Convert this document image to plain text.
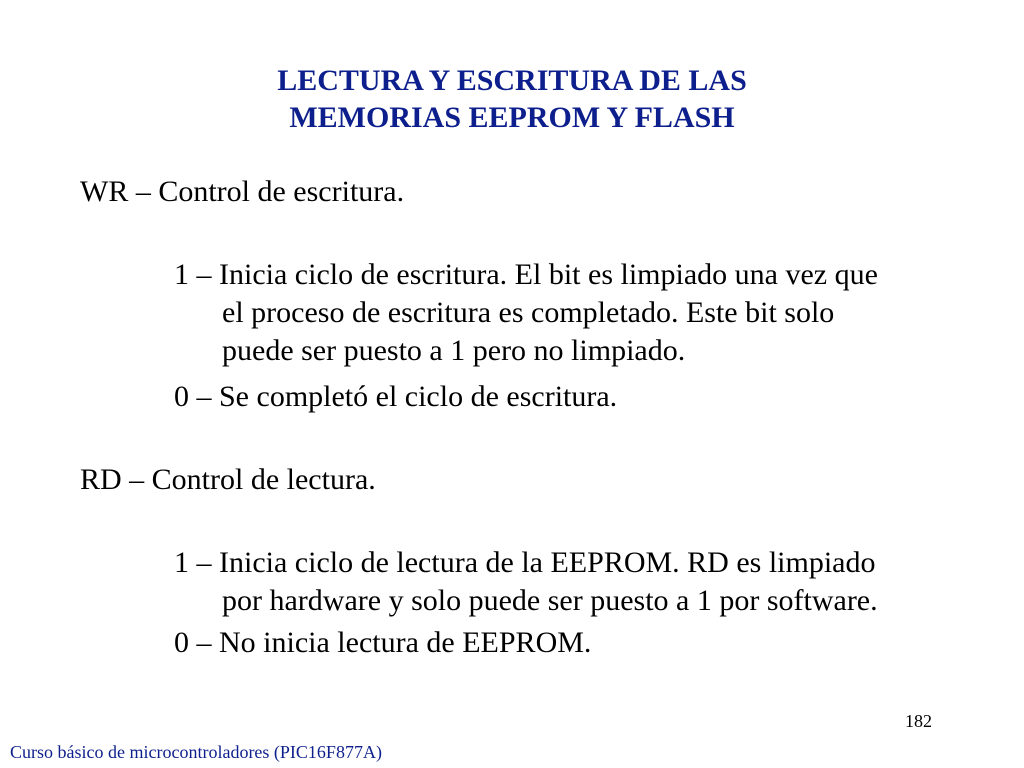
LECTURA Y ESCRITURA DE LAS
MEMORIAS EEPROM Y FLASH
WR – Control de escritura.
1 – Inicia ciclo de escritura. El bit es limpiado una vez que
el proceso de escritura es completado. Este bit solo
puede ser puesto a 1 pero no limpiado.
0 – Se completó el ciclo de escritura.
RD – Control de lectura.
1 – Inicia ciclo de lectura de la EEPROM. RD es limpiado
por hardware y solo puede ser puesto a 1 por software.
0 – No inicia lectura de EEPROM.
182
Curso básico de microcontroladores (PIC16F877A)
